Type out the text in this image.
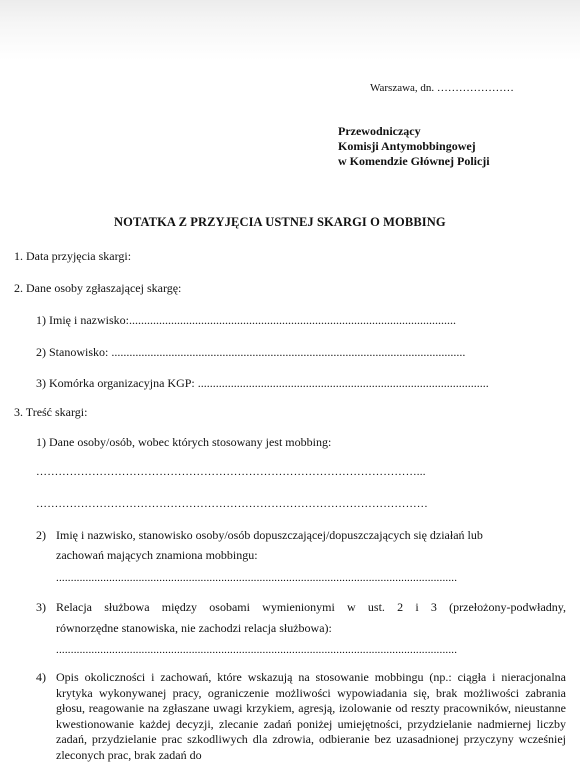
Warszawa, dn. …………………
Przewodniczący
Komisji Antymobbingowej
w Komendzie Głównej Policji
NOTATKA Z PRZYJĘCIA USTNEJ SKARGI O MOBBING
1. Data przyjęcia skargi:
2. Dane osoby zgłaszającej skargę:
1) Imię i nazwisko:.............................................................................................................
2) Stanowisko: ......................................................................................................................
3) Komórka organizacyjna KGP: .................................................................................................
3. Treść skargi:
1) Dane osoby/osób, wobec których stosowany jest mobbing:
…………………………………………………………………………………………...
……………………………………………………………………………………………
2) Imię i nazwisko, stanowisko osoby/osób dopuszczającej/dopuszczających się działań lub
zachowań mających znamiona mobbingu:
........................................................................................................................................
3) Relacja służbowa między osobami wymienionymi w ust. 2 i 3 (przełożony-podwładny,
równorzędne stanowiska, nie zachodzi relacja służbowa):
........................................................................................................................................
4) Opis okoliczności i zachowań, które wskazują na stosowanie mobbingu (np.: ciągła i nieracjonalna krytyka wykonywanej pracy, ograniczenie możliwości wypowiadania się, brak możliwości zabrania głosu, reagowanie na zgłaszane uwagi krzykiem, agresją, izolowanie od reszty pracowników, nieustanne kwestionowanie każdej decyzji, zlecanie zadań poniżej umiejętności, przydzielanie nadmiernej liczby zadań, przydzielanie prac szkodliwych dla zdrowia, odbieranie bez uzasadnionej przyczyny wcześniej zleconych prac, brak zadań do
